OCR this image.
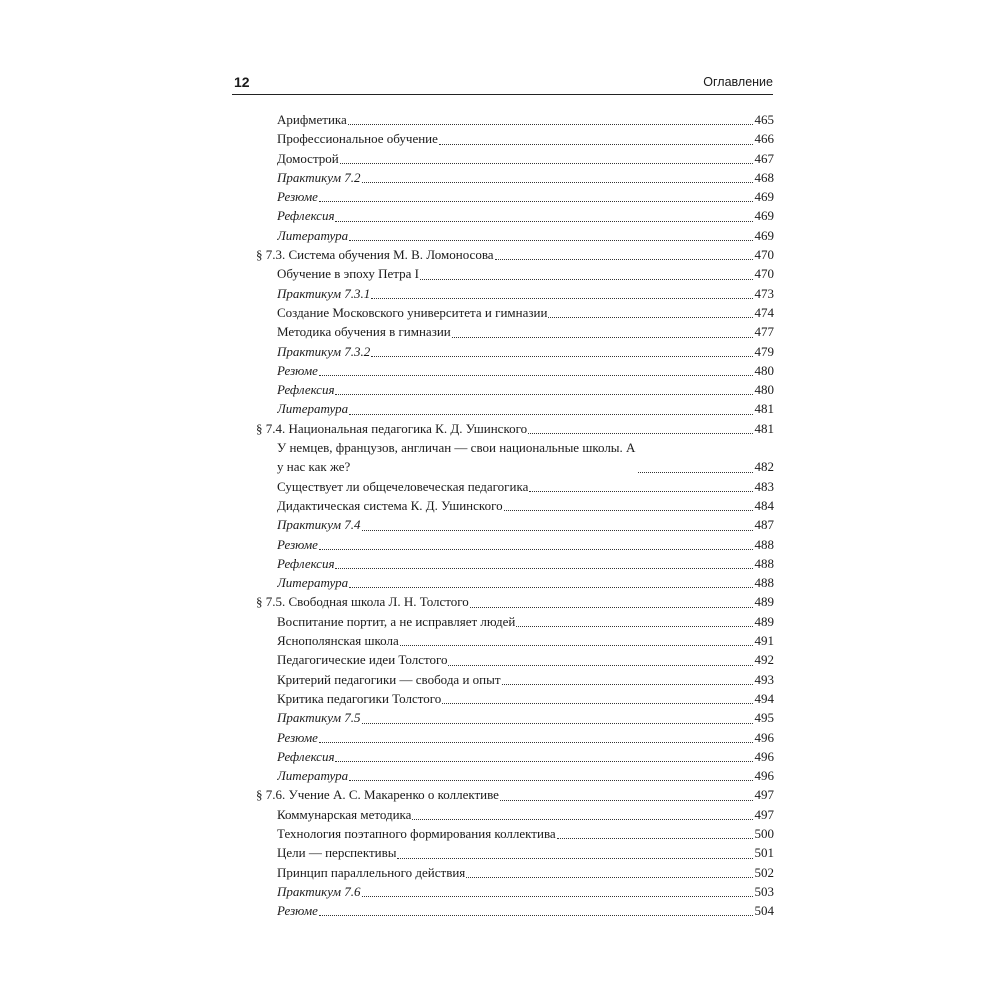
12	Оглавление
Арифметика	465
Профессиональное обучение	466
Домострой	467
Практикум 7.2	468
Резюме	469
Рефлексия	469
Литература	469
§ 7.3. Система обучения М. В. Ломоносова	470
Обучение в эпоху Петра I	470
Практикум 7.3.1	473
Создание Московского университета и гимназии	474
Методика обучения в гимназии	477
Практикум 7.3.2	479
Резюме	480
Рефлексия	480
Литература	481
§ 7.4. Национальная педагогика К. Д. Ушинского	481
У немцев, французов, англичан — свои национальные школы. А у нас как же?	482
Существует ли общечеловеческая педагогика	483
Дидактическая система К. Д. Ушинского	484
Практикум 7.4	487
Резюме	488
Рефлексия	488
Литература	488
§ 7.5. Свободная школа Л. Н. Толстого	489
Воспитание портит, а не исправляет людей	489
Яснополянская школа	491
Педагогические идеи Толстого	492
Критерий педагогики — свобода и опыт	493
Критика педагогики Толстого	494
Практикум 7.5	495
Резюме	496
Рефлексия	496
Литература	496
§ 7.6. Учение А. С. Макаренко о коллективе	497
Коммунарская методика	497
Технология поэтапного формирования коллектива	500
Цели — перспективы	501
Принцип параллельного действия	502
Практикум 7.6	503
Резюме	504
